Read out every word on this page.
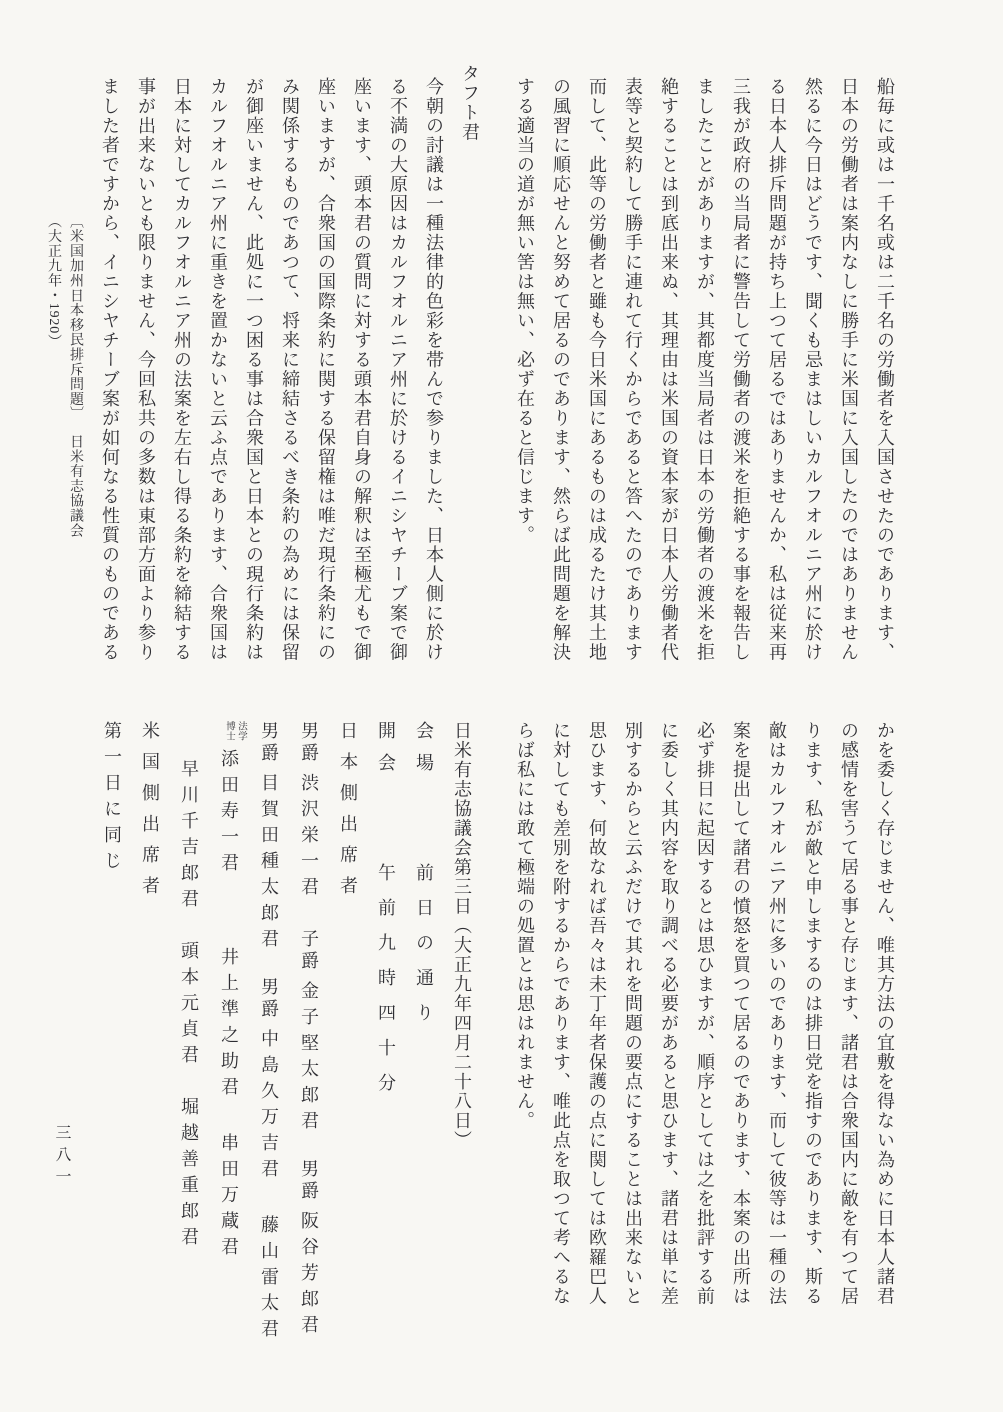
船毎に或は一千名或は二千名の労働者を入国させたのであります、
日本の労働者は案内なしに勝手に米国に入国したのではありません
然るに今日はどうです、聞くも忌まはしいカルフオルニア州に於け
る日本人排斥問題が持ち上つて居るではありませんか、私は従来再
三我が政府の当局者に警告して労働者の渡米を拒絶する事を報告し
ましたことがありますが、其都度当局者は日本の労働者の渡米を拒
絶することは到底出来ぬ、其理由は米国の資本家が日本人労働者代
表等と契約して勝手に連れて行くからであると答へたのであります
而して、此等の労働者と雖も今日米国にあるものは成るたけ其土地
の風習に順応せんと努めて居るのであります、然らば此問題を解決
する適当の道が無い筈は無い、必ず在ると信じます。
タフト君
今朝の討議は一種法律的色彩を帯んで参りました、日本人側に於け
る不満の大原因はカルフオルニア州に於けるイニシヤチーブ案で御
座います、頭本君の質問に対する頭本君自身の解釈は至極尤もで御
座いますが、合衆国の国際条約に関する保留権は唯だ現行条約にの
み関係するものであつて、将来に締結さるべき条約の為めには保留
が御座いません、此処に一つ困る事は合衆国と日本との現行条約は
カルフオルニア州に重きを置かないと云ふ点であります、合衆国は
日本に対してカルフオルニア州の法案を左右し得る条約を締結する
事が出来ないとも限りません、今回私共の多数は東部方面より参り
ました者ですから、イニシヤチーブ案が如何なる性質のものである
〔米国加州日本移民排斥問題〕日米有志協議会（大正九年・1920）
かを委しく存じません、唯其方法の宜敷を得ない為めに日本人諸君
の感情を害うて居る事と存じます、諸君は合衆国内に敵を有つて居
ります、私が敵と申しまするのは排日党を指すのであります、斯る
敵はカルフオルニア州に多いのであります、而して彼等は一種の法
案を提出して諸君の憤怒を買つて居るのであります、本案の出所は
必ず排日に起因するとは思ひますが、順序としては之を批評する前
に委しく其内容を取り調べる必要があると思ひます、諸君は単に差
別するからと云ふだけで其れを問題の要点にすることは出来ないと
思ひます、何故なれば吾々は未丁年者保護の点に関しては欧羅巴人
に対しても差別を附するからであります、唯此点を取つて考へるな
らば私には敢て極端の処置とは思はれません。
日米有志協議会第三日（大正九年四月二十八日）
会場前日の通り
開会午前九時四十分
日本側出席者
男爵渋沢栄一君子爵金子堅太郎君男爵阪谷芳郎君
男爵目賀田種太郎君男爵中島久万吉君藤山雷太君
法学
博士
添田寿一君井上準之助君串田万蔵君
早川千吉郎君頭本元貞君堀越善重郎君
米国側出席者
第一日に同じ
三八一
